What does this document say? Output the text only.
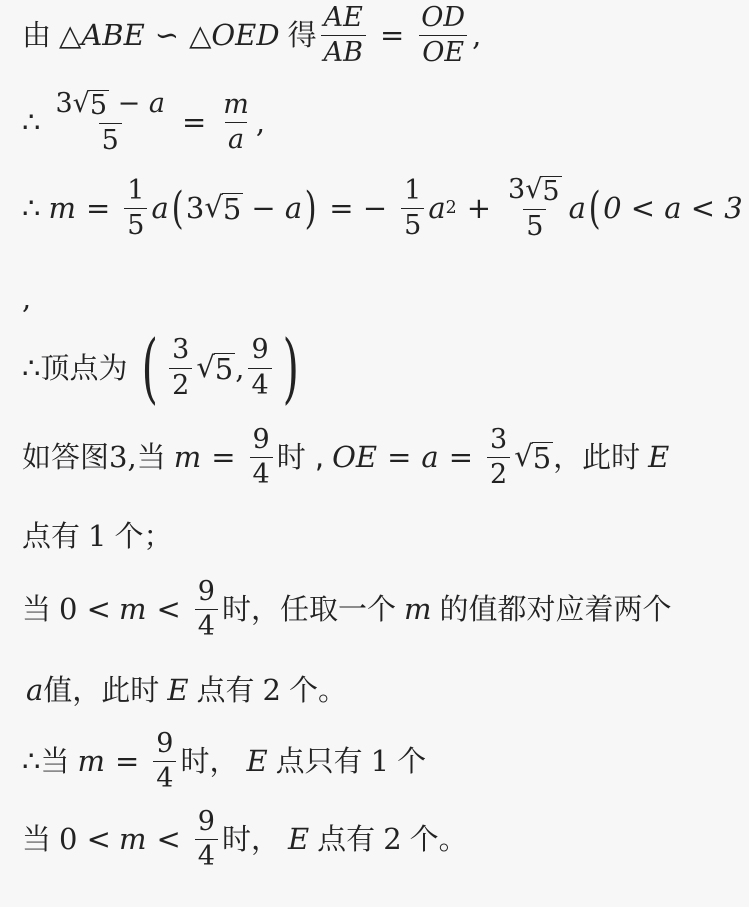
由 △ ABE ∽ △ OED 得 $\frac{AE}{AB} = \frac{OD}{OE}$ ,
∴ $\frac{3 √ 5 - a}{5} = \frac{m}{a}$ ,
∴ $m = \frac{1}{5}$ a ( 3 √ 5 − a ) = − $\frac{1}{5}$ a $2 + \frac{3 √ 5}{5}$ a ( 0 < a < 3
,
∴ 顶点为 ( $\frac{3}{2}$ √ 5 , $\frac{9}{4}$ )
如答图 3, 当 $m = \frac{9}{4}$ 时 , OE = $a = \frac{3}{2}$ √ 5 ，此时 E
点有 1 个；
当 $0 < m < \frac{9}{4}$ 时，任取一个 m 的值都对应着两个
a 值，此时 E 点有 2 个。
∴ 当 $m = \frac{9}{4}$ 时， E 点只有 1 个
当 $0 < m < \frac{9}{4}$ 时， E 点有 2 个。
